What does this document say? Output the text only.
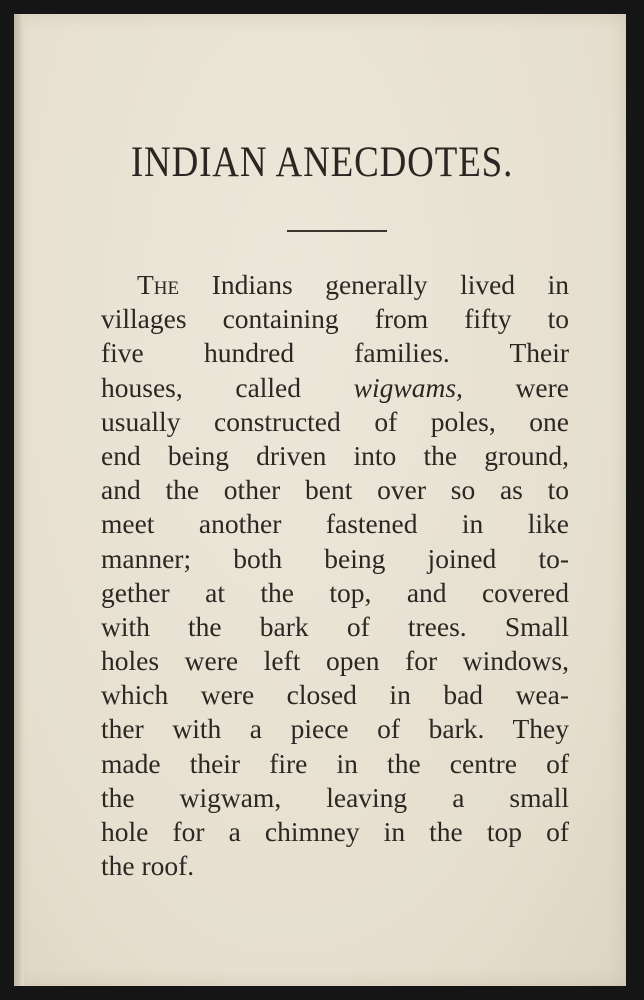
INDIAN ANECDOTES.
The Indians generally lived in
villages containing from fifty to
five hundred families. Their
houses, called wigwams, were
usually constructed of poles, one
end being driven into the ground,
and the other bent over so as to
meet another fastened in like
manner; both being joined to-
gether at the top, and covered
with the bark of trees. Small
holes were left open for windows,
which were closed in bad wea-
ther with a piece of bark. They
made their fire in the centre of
the wigwam, leaving a small
hole for a chimney in the top of
the roof.
